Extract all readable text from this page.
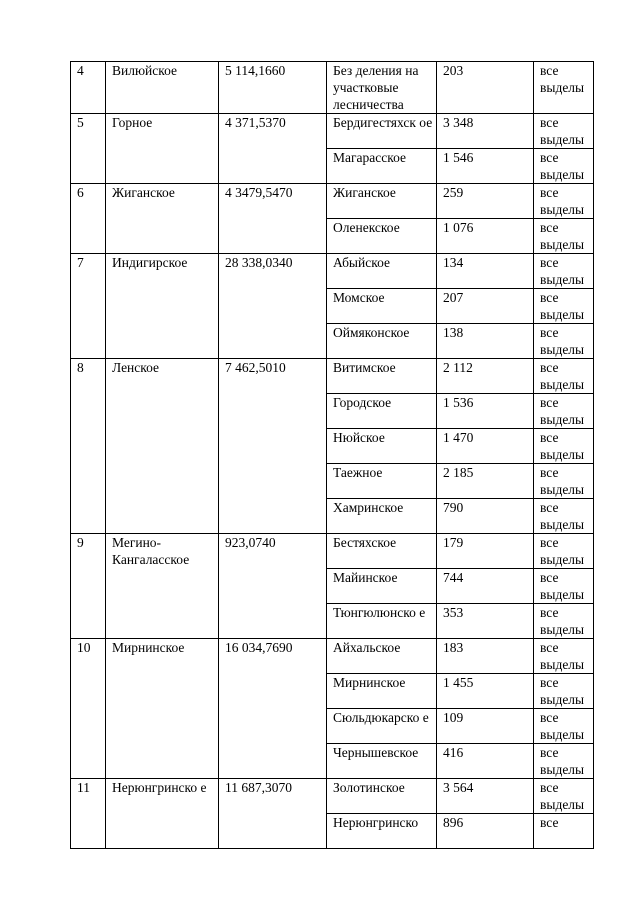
4	Вилюйское	5 114,1660	Без деления на участковые лесничества	203	все выделы
5	Горное	4 371,5370	Бердигестяхск ое	3 348	все выделы
			Магарасское	1 546	все выделы
6	Жиганское	4 3479,5470	Жиганское	259	все выделы
			Оленекское	1 076	все выделы
7	Индигирское	28 338,0340	Абыйское	134	все выделы
			Момское	207	все выделы
			Оймяконское	138	все выделы
8	Ленское	7 462,5010	Витимское	2 112	все выделы
			Городское	1 536	все выделы
			Нюйское	1 470	все выделы
			Таежное	2 185	все выделы
			Хамринское	790	все выделы
9	Мегино-Кангаласское	923,0740	Бестяхское	179	все выделы
			Майинское	744	все выделы
			Тюнгюлюнско е	353	все выделы
10	Мирнинское	16 034,7690	Айхальское	183	все выделы
			Мирнинское	1 455	все выделы
			Сюльдюкарско е	109	все выделы
			Чернышевское	416	все выделы
11	Нерюнгринско е	11 687,3070	Золотинское	3 564	все выделы
			Нерюнгринско	896	все
